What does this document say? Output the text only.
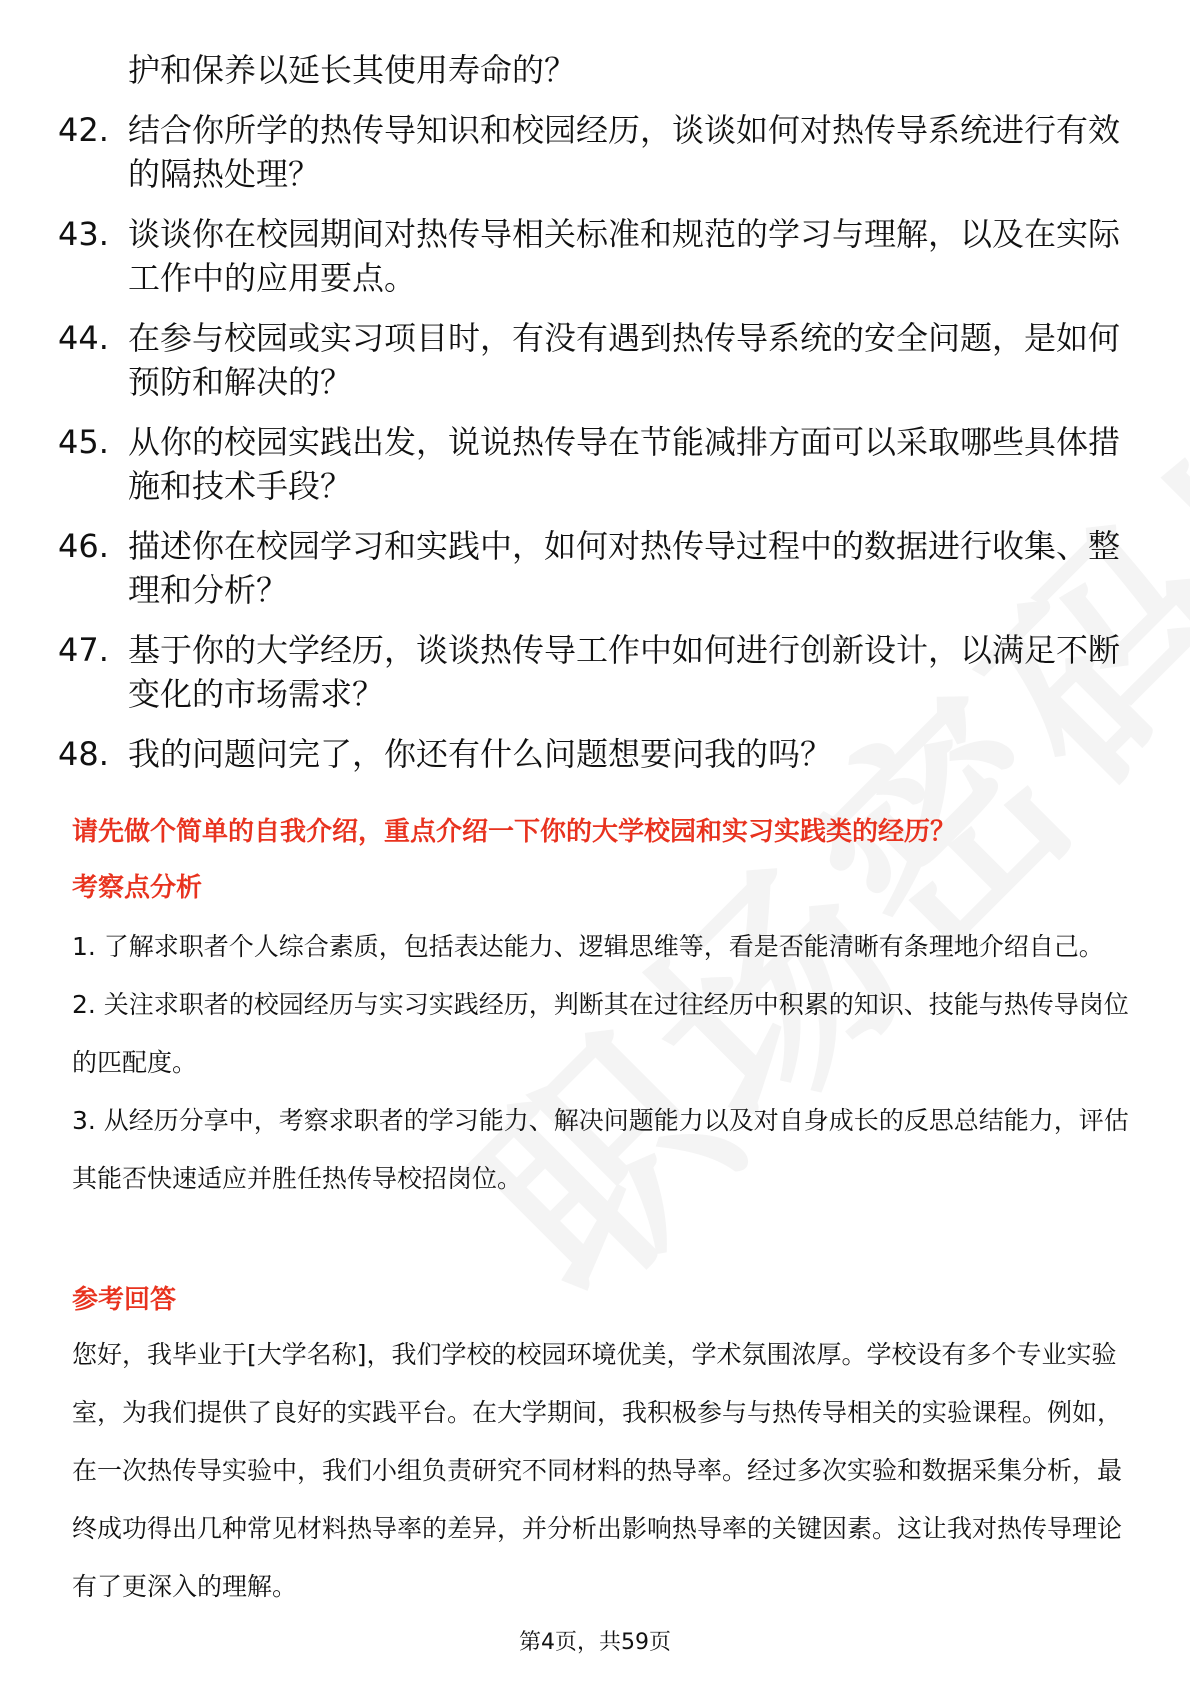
护和保养以延长其使用寿命的？
42. 结合你所学的热传导知识和校园经历，谈谈如何对热传导系统进行有效的隔热处理？
43. 谈谈你在校园期间对热传导相关标准和规范的学习与理解，以及在实际工作中的应用要点。
44. 在参与校园或实习项目时，有没有遇到热传导系统的安全问题，是如何预防和解决的？
45. 从你的校园实践出发，说说热传导在节能减排方面可以采取哪些具体措施和技术手段？
46. 描述你在校园学习和实践中，如何对热传导过程中的数据进行收集、整理和分析？
47. 基于你的大学经历，谈谈热传导工作中如何进行创新设计，以满足不断变化的市场需求？
48. 我的问题问完了，你还有什么问题想要问我的吗？
请先做个简单的自我介绍，重点介绍一下你的大学校园和实习实践类的经历？
考察点分析

1. 了解求职者个人综合素质，包括表达能力、逻辑思维等，看是否能清晰有条理地介绍自己。

2. 关注求职者的校园经历与实习实践经历，判断其在过往经历中积累的知识、技能与热传导岗位的匹配度。

3. 从经历分享中，考察求职者的学习能力、解决问题能力以及对自身成长的反思总结能力，评估其能否快速适应并胜任热传导校招岗位。

参考回答

您好，我毕业于[大学名称]，我们学校的校园环境优美，学术氛围浓厚。学校设有多个专业实验室，为我们提供了良好的实践平台。在大学期间，我积极参与与热传导相关的实验课程。例如，在一次热传导实验中，我们小组负责研究不同材料的热导率。经过多次实验和数据采集分析，最终成功得出几种常见材料热导率的差异，并分析出影响热导率的关键因素。这让我对热传导理论有了更深入的理解。

第4页，共59页
